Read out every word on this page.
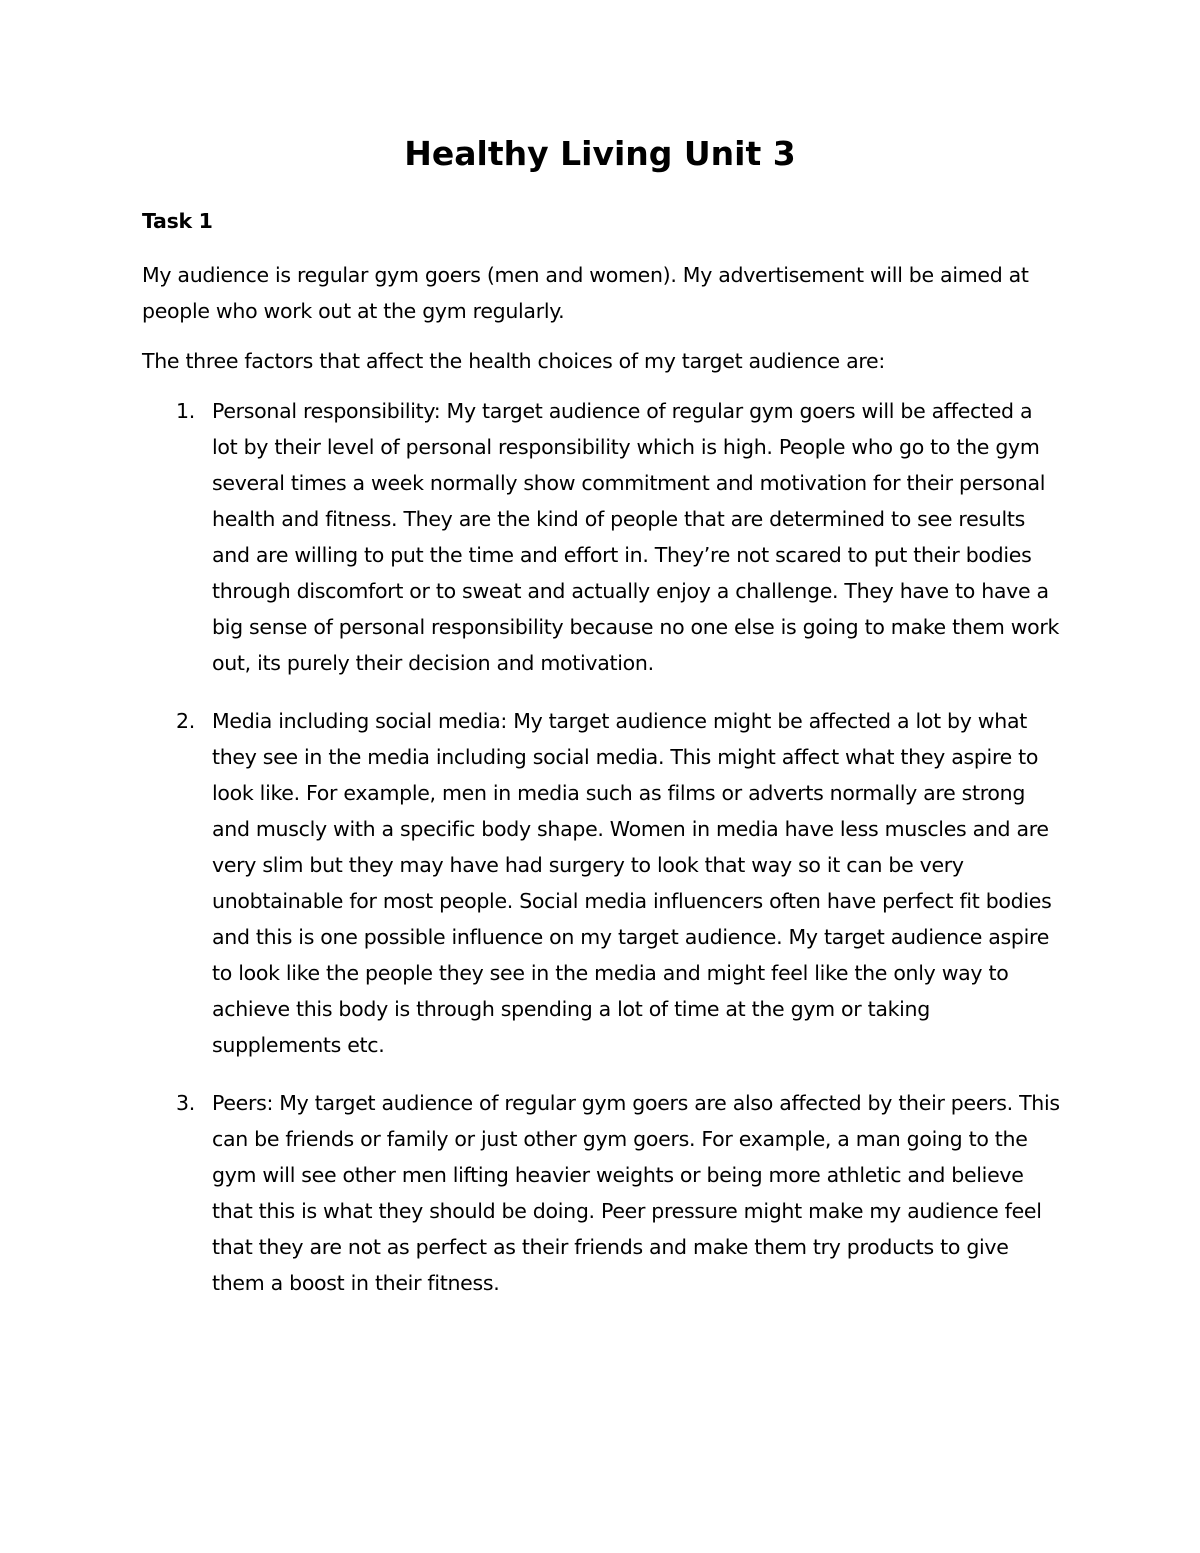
Healthy Living Unit 3

Task 1

My audience is regular gym goers (men and women). My advertisement will be aimed at people who work out at the gym regularly.

The three factors that affect the health choices of my target audience are:

1. Personal responsibility: My target audience of regular gym goers will be affected a lot by their level of personal responsibility which is high. People who go to the gym several times a week normally show commitment and motivation for their personal health and fitness. They are the kind of people that are determined to see results and are willing to put the time and effort in. They’re not scared to put their bodies through discomfort or to sweat and actually enjoy a challenge. They have to have a big sense of personal responsibility because no one else is going to make them work out, its purely their decision and motivation.
2. Media including social media: My target audience might be affected a lot by what they see in the media including social media. This might affect what they aspire to look like. For example, men in media such as films or adverts normally are strong and muscly with a specific body shape. Women in media have less muscles and are very slim but they may have had surgery to look that way so it can be very unobtainable for most people. Social media influencers often have perfect fit bodies and this is one possible influence on my target audience. My target audience aspire to look like the people they see in the media and might feel like the only way to achieve this body is through spending a lot of time at the gym or taking supplements etc.
3. Peers: My target audience of regular gym goers are also affected by their peers. This can be friends or family or just other gym goers. For example, a man going to the gym will see other men lifting heavier weights or being more athletic and believe that this is what they should be doing. Peer pressure might make my audience feel that they are not as perfect as their friends and make them try products to give them a boost in their fitness.
